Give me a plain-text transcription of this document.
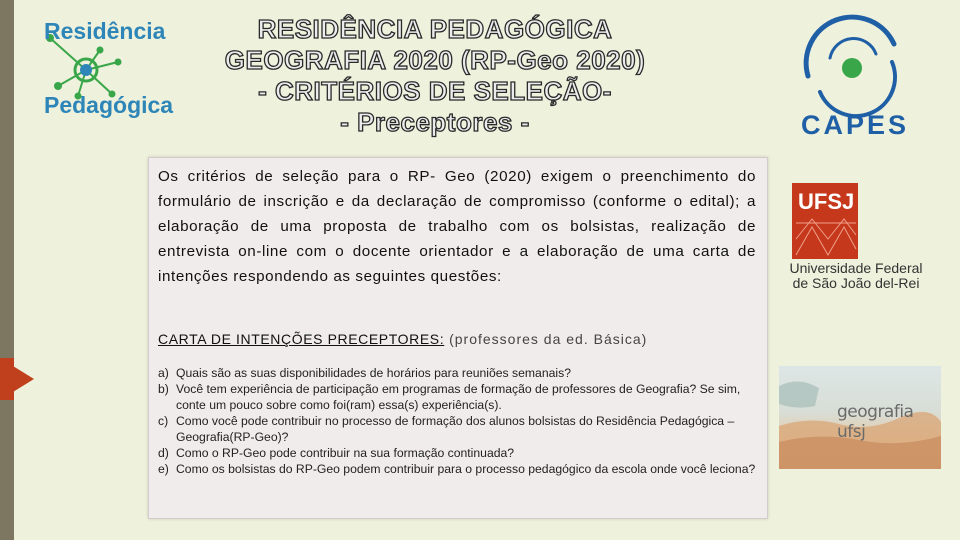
Residência
Pedagógica
RESIDÊNCIA PEDAGÓGICA
GEOGRAFIA 2020 (RP-Geo 2020)
- CRITÉRIOS DE SELEÇÃO-
- Preceptores -	CAPES
UFSJ
Universidade Federal
de São João del-Rei
geografia ufsj
Os critérios de seleção para o RP- Geo (2020) exigem o preenchimento do formulário de inscrição e da declaração de compromisso (conforme o edital); a elaboração de uma proposta de trabalho com os bolsistas, realização de entrevista on-line com o docente orientador e a elaboração de uma carta de intenções respondendo as seguintes questões:
CARTA DE INTENÇÕES PRECEPTORES: (professores da ed. Básica)
a) Quais são as suas disponibilidades de horários para reuniões semanais?
b) Você tem experiência de participação em programas de formação de professores de Geografia? Se sim, conte um pouco sobre como foi(ram) essa(s) experiência(s).
c) Como você pode contribuir no processo de formação dos alunos bolsistas do Residência Pedagógica – Geografia(RP-Geo)?
d) Como o RP-Geo pode contribuir na sua formação continuada?
e) Como os bolsistas do RP-Geo podem contribuir para o processo pedagógico da escola onde você leciona?
